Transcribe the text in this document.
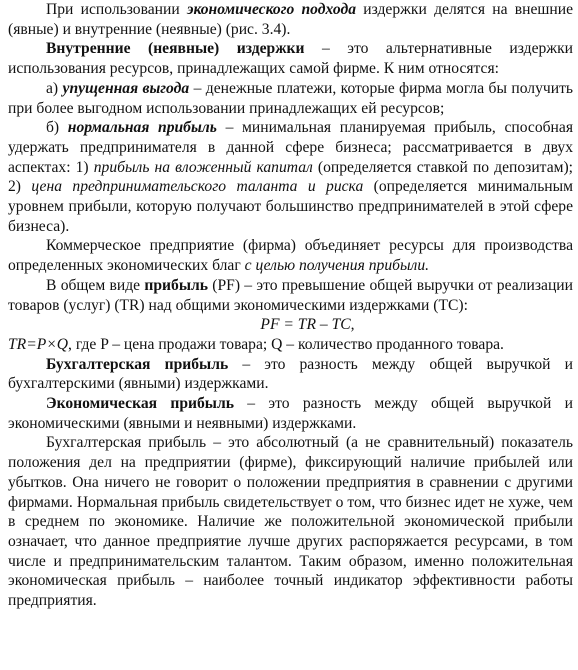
При использовании экономического подхода издержки делятся на внешние (явные) и внутренние (неявные) (рис. 3.4).

Внутренние (неявные) издержки – это альтернативные издержки использования ресурсов, принадлежащих самой фирме. К ним относятся:

а) упущенная выгода – денежные платежи, которые фирма могла бы получить при более выгодном использовании принадлежащих ей ресурсов;

б) нормальная прибыль – минимальная планируемая прибыль, способная удержать предпринимателя в данной сфере бизнеса; рассматривается в двух аспектах: 1) прибыль на вложенный капитал (определяется ставкой по депозитам); 2) цена предпринимательского таланта и риска (определяется минимальным уровнем прибыли, которую получают большинство предпринимателей в этой сфере бизнеса).

Коммерческое предприятие (фирма) объединяет ресурсы для производства определенных экономических благ с целью получения прибыли.

В общем виде прибыль (PF) – это превышение общей выручки от реализации товаров (услуг) (TR) над общими экономическими издержками (ТС):

PF = TR – TC,

TR=P×Q, где P – цена продажи товара; Q – количество проданного товара.

Бухгалтерская прибыль – это разность между общей выручкой и бухгалтерскими (явными) издержками.

Экономическая прибыль – это разность между общей выручкой и экономическими (явными и неявными) издержками.

Бухгалтерская прибыль – это абсолютный (а не сравнительный) показатель положения дел на предприятии (фирме), фиксирующий наличие прибылей или убытков. Она ничего не говорит о положении предприятия в сравнении с другими фирмами. Нормальная прибыль свидетельствует о том, что бизнес идет не хуже, чем в среднем по экономике. Наличие же положительной экономической прибыли означает, что данное предприятие лучше других распоряжается ресурсами, в том числе и предпринимательским талантом. Таким образом, именно положительная экономическая прибыль – наиболее точный индикатор эффективности работы предприятия.
